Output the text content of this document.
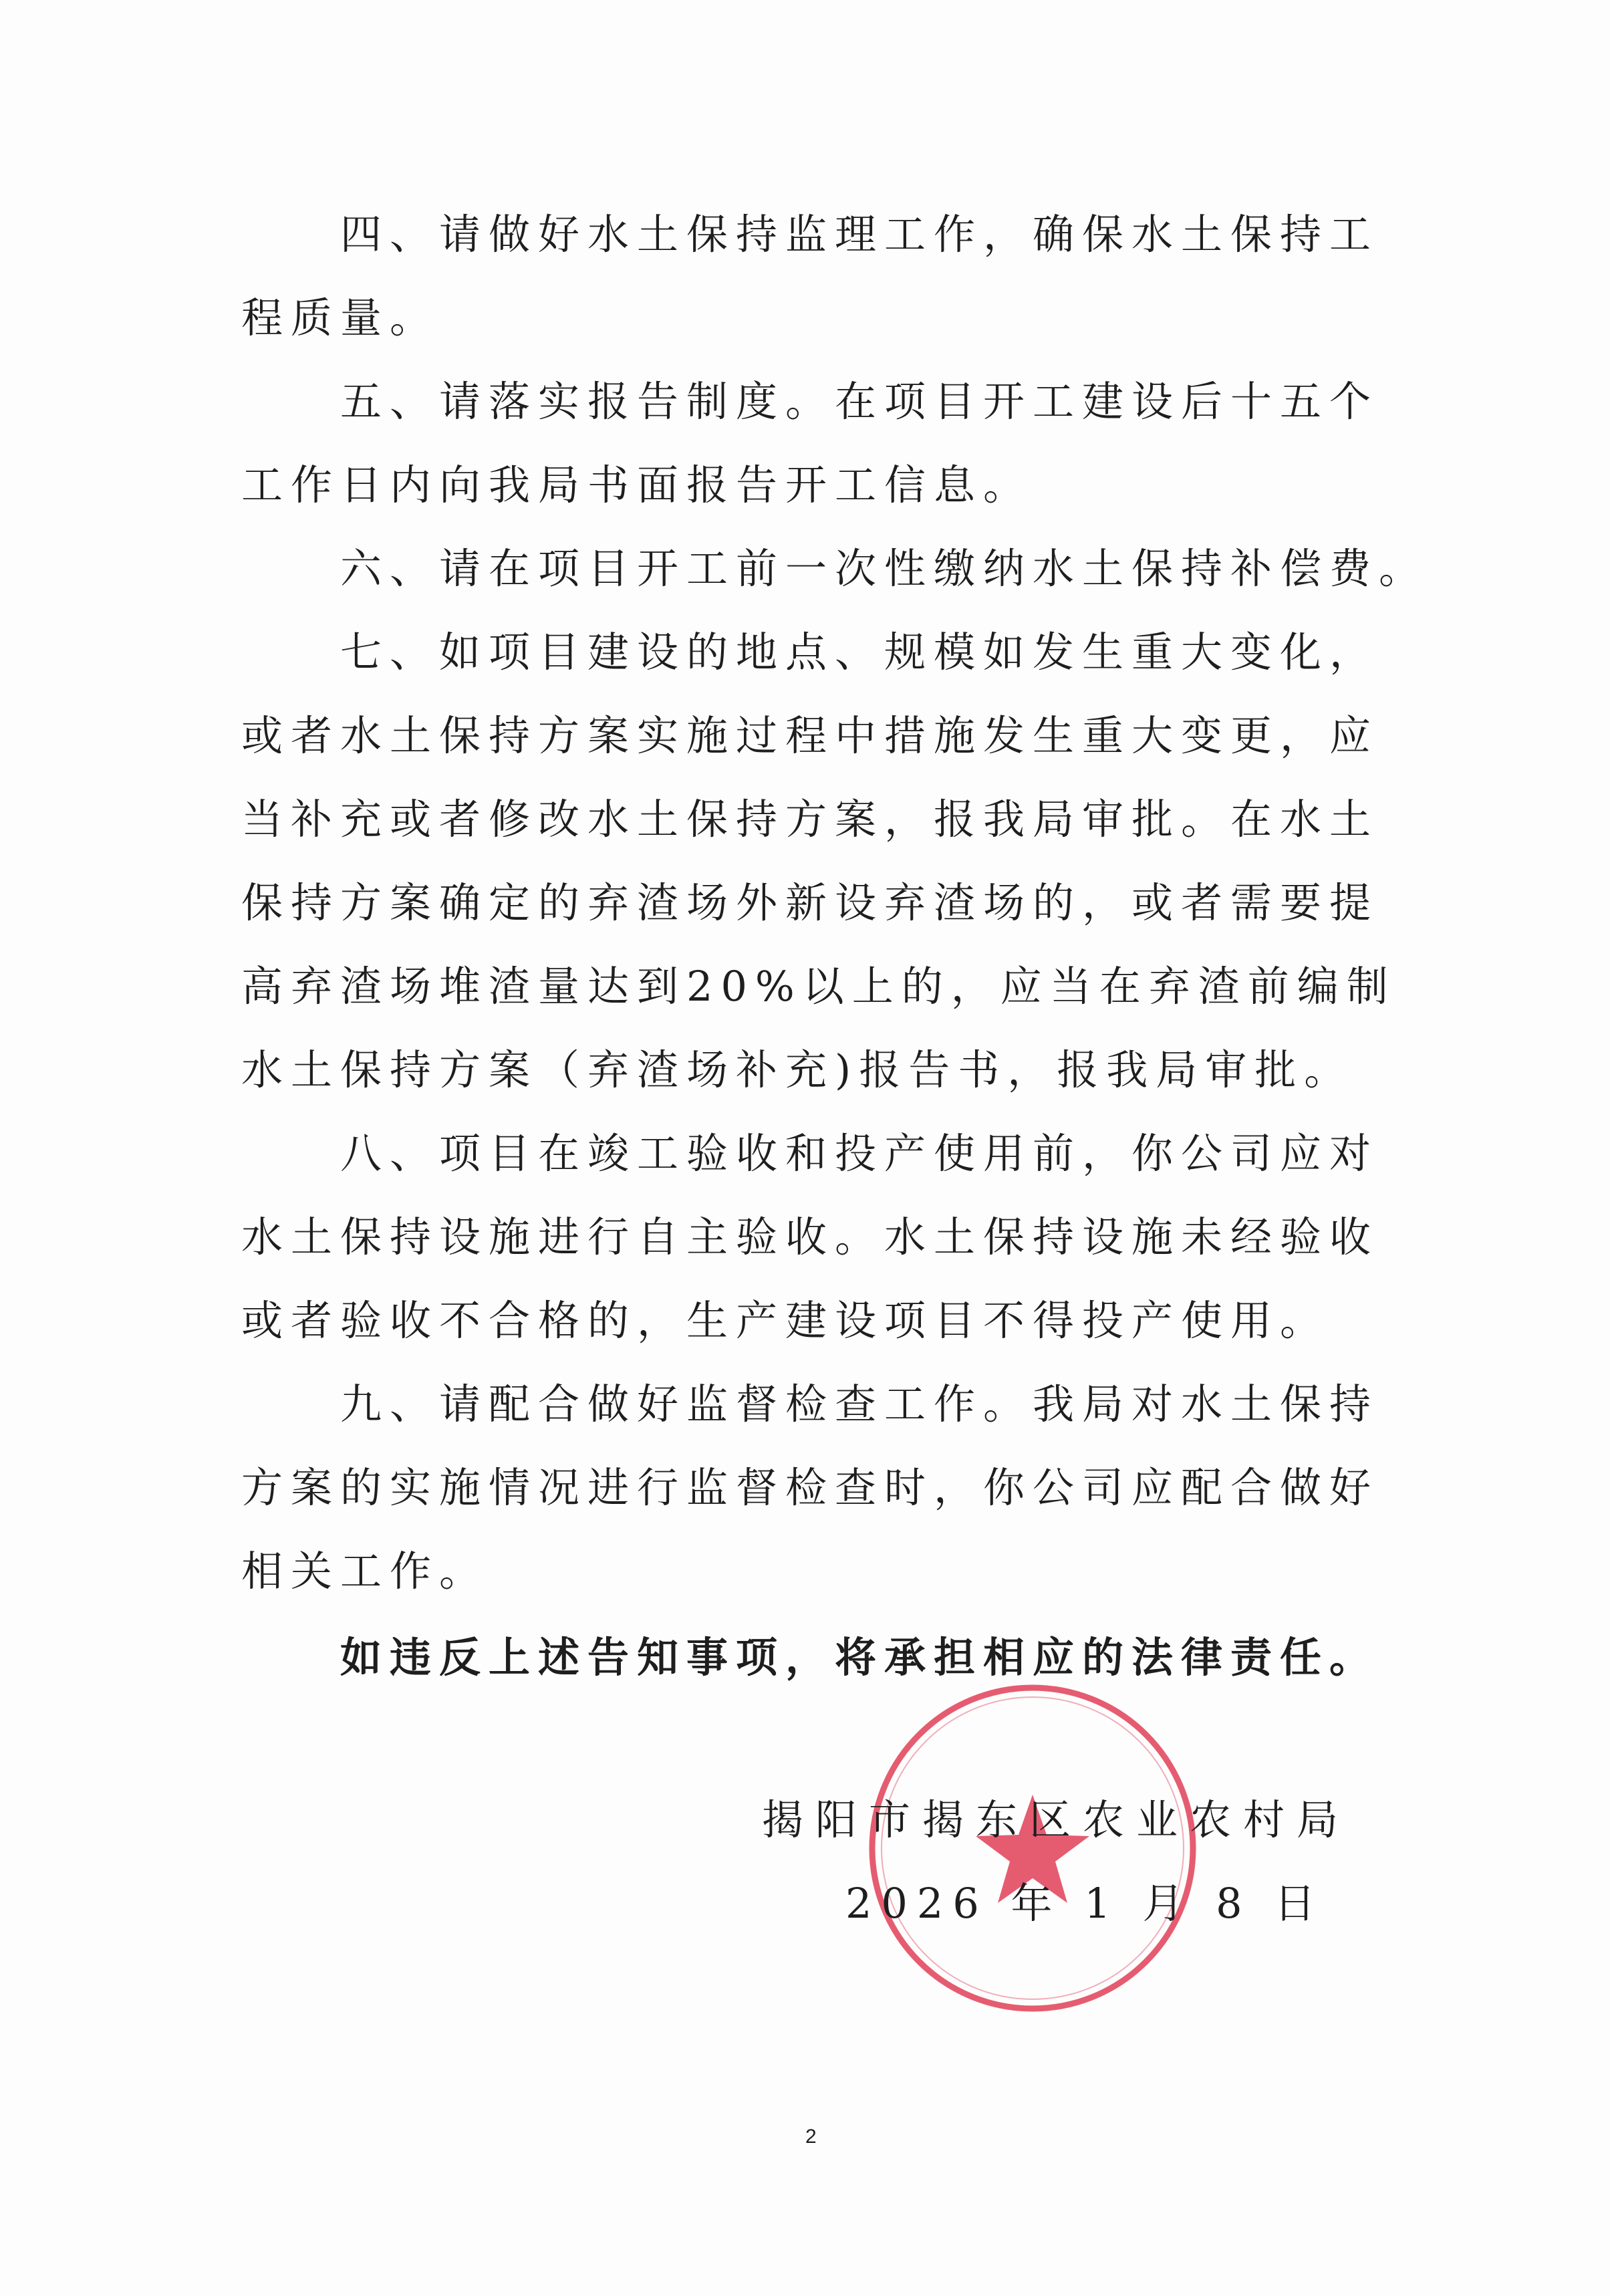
四、请做好水土保持监理工作，确保水土保持工
程质量。
五、请落实报告制度。在项目开工建设后十五个
工作日内向我局书面报告开工信息。
六、请在项目开工前一次性缴纳水土保持补偿费。
七、如项目建设的地点、规模如发生重大变化，
或者水土保持方案实施过程中措施发生重大变更，应
当补充或者修改水土保持方案，报我局审批。在水土
保持方案确定的弃渣场外新设弃渣场的，或者需要提
高弃渣场堆渣量达到20%以上的，应当在弃渣前编制
水土保持方案（弃渣场补充)报告书，报我局审批。
八、项目在竣工验收和投产使用前，你公司应对
水土保持设施进行自主验收。水土保持设施未经验收
或者验收不合格的，生产建设项目不得投产使用。
九、请配合做好监督检查工作。我局对水土保持
方案的实施情况进行监督检查时，你公司应配合做好
相关工作。
如违反上述告知事项，将承担相应的法律责任。
揭阳市揭东区农业农村局
2026 年 1 月 8 日
2
